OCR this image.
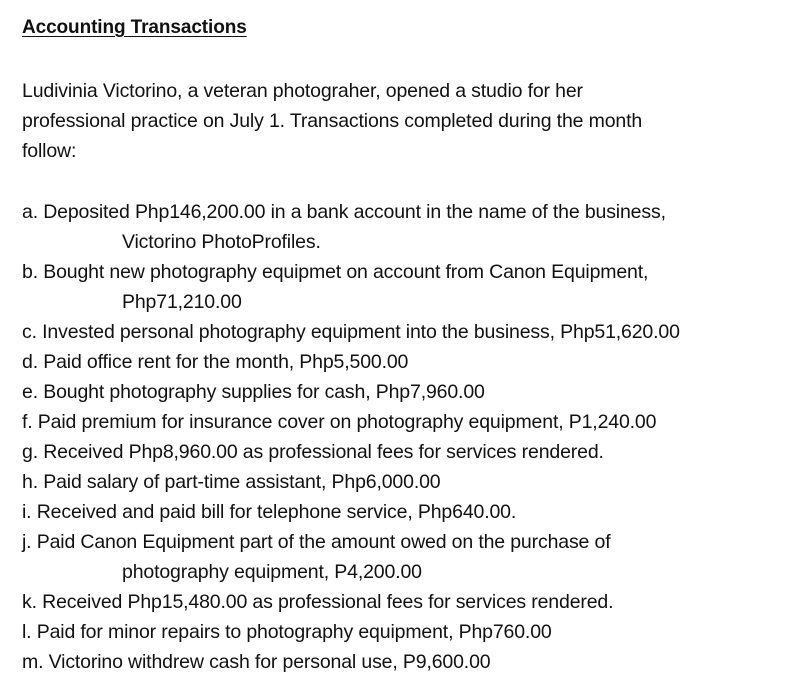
Accounting Transactions
Ludivinia Victorino, a veteran photograher, opened a studio for her
professional practice on July 1. Transactions completed during the month
follow:
a. Deposited Php146,200.00 in a bank account in the name of the business,
Victorino PhotoProfiles.
b. Bought new photography equipmet on account from Canon Equipment,
Php71,210.00
c. Invested personal photography equipment into the business, Php51,620.00
d. Paid office rent for the month, Php5,500.00
e. Bought photography supplies for cash, Php7,960.00
f. Paid premium for insurance cover on photography equipment, P1,240.00
g. Received Php8,960.00 as professional fees for services rendered.
h. Paid salary of part-time assistant, Php6,000.00
i. Received and paid bill for telephone service, Php640.00.
j. Paid Canon Equipment part of the amount owed on the purchase of
photography equipment, P4,200.00
k. Received Php15,480.00 as professional fees for services rendered.
l. Paid for minor repairs to photography equipment, Php760.00
m. Victorino withdrew cash for personal use, P9,600.00
